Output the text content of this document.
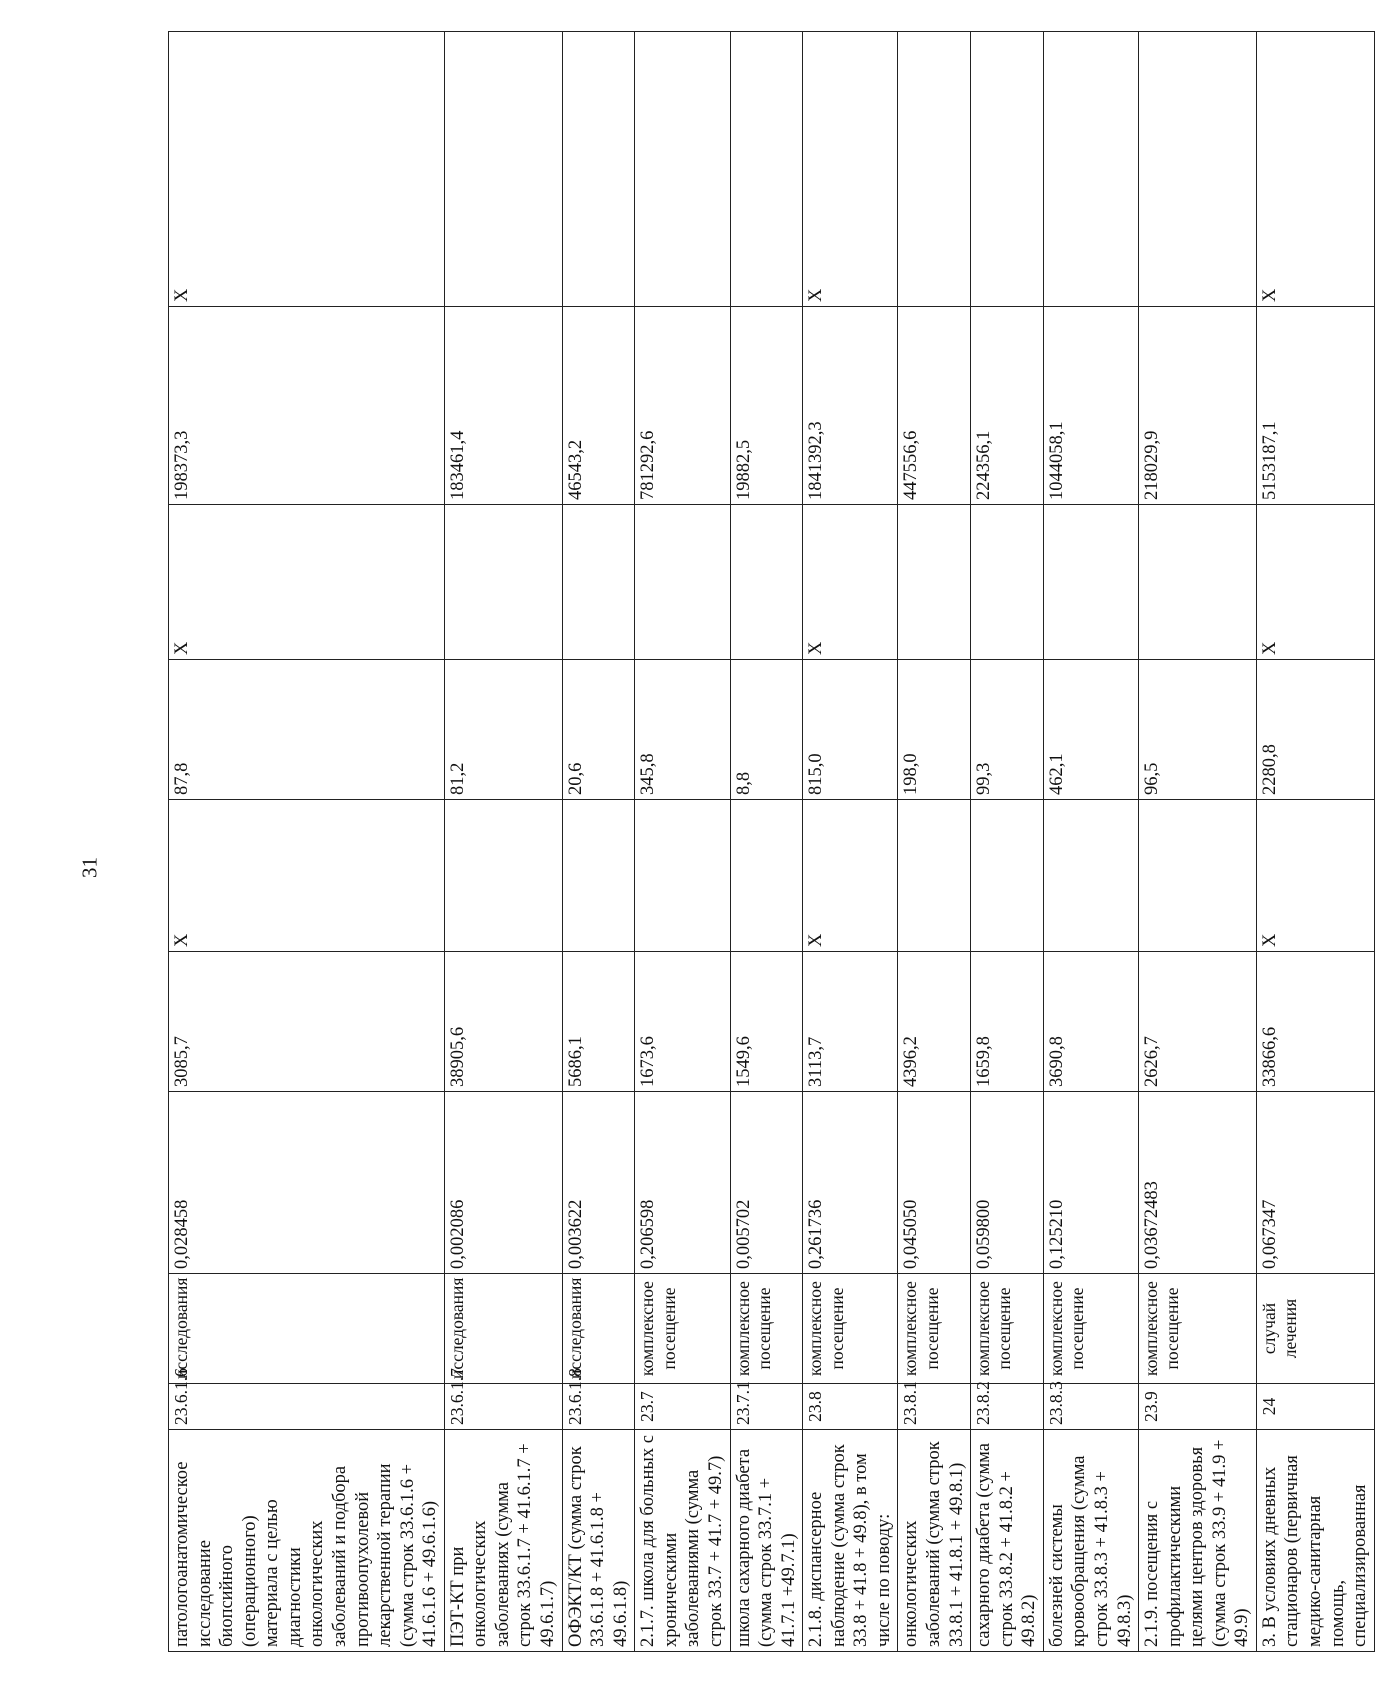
31
патологоанатомическое исследование биопсийного (операционного) материала с целью диагностики онкологических заболеваний и подбора противоопухолевой лекарственной терапии (сумма строк 33.6.1.6 + 41.6.1.6 + 49.6.1.6)	23.6.1.6	исследования	0,028458	3085,7	X	87,8	X	198373,3	X
ПЭТ-КТ при онкологических заболеваниях (сумма строк 33.6.1.7 + 41.6.1.7 + 49.6.1.7)	23.6.1.7	исследования	0,002086	38905,6		81,2		183461,4	
ОФЭКТ/КТ (сумма строк 33.6.1.8 + 41.6.1.8 + 49.6.1.8)	23.6.1.8	исследования	0,003622	5686,1		20,6		46543,2	
2.1.7. школа для больных с хроническими заболеваниями (сумма строк 33.7 + 41.7 + 49.7)	23.7	комплексное посещение	0,206598	1673,6		345,8		781292,6	
школа сахарного диабета (сумма строк 33.7.1 + 41.7.1 +49.7.1)	23.7.1	комплексное посещение	0,005702	1549,6		8,8		19882,5	
2.1.8. диспансерное наблюдение (сумма строк 33.8 + 41.8 + 49.8), в том числе по поводу:	23.8	комплексное посещение	0,261736	3113,7	X	815,0	X	1841392,3	X
онкологических заболеваний (сумма строк 33.8.1 + 41.8.1 + 49.8.1)	23.8.1	комплексное посещение	0,045050	4396,2		198,0		447556,6	
сахарного диабета (сумма строк 33.8.2 + 41.8.2 + 49.8.2)	23.8.2	комплексное посещение	0,059800	1659,8		99,3		224356,1	
болезней системы кровообращения (сумма строк 33.8.3 + 41.8.3 + 49.8.3)	23.8.3	комплексное посещение	0,125210	3690,8		462,1		1044058,1	
2.1.9. посещения с профилактическими целями центров здоровья (сумма строк 33.9 + 41.9 + 49.9)	23.9	комплексное посещение	0,03672483	2626,7		96,5		218029,9	
3. В условиях дневных стационаров (первичная медико-санитарная помощь, специализированная	24	случай лечения	0,067347	33866,6	X	2280,8	X	5153187,1	X
